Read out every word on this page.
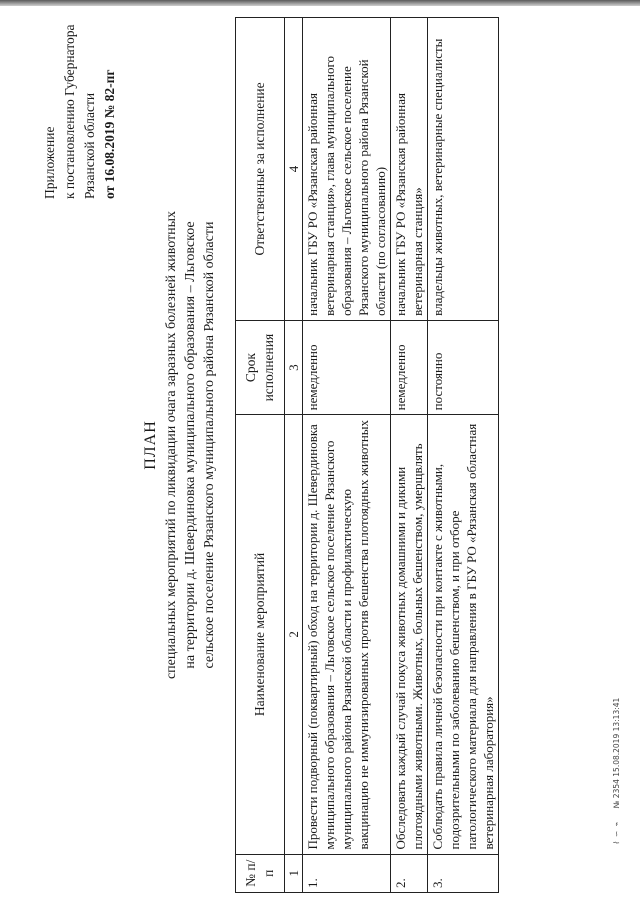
Приложение к постановлению Губернатора
Рязанской области от 16.08.2019 № 82-пг
ПЛАН специальных мероприятий по ликвидации очага заразных болезней животных на территории д. Шевердиновка муниципального образования – Льговское сельское поселение Рязанского муниципального района Рязанской области
№ п/п	Наименование мероприятий	Срок исполнения	Ответственные за исполнение
1	2	3	4
1.	Провести подворный (поквартирный) обход на территории д. Шевердиновка муниципального образования – Льговское сельское поселение Рязанского муниципального района Рязанской области и профилактическую вакцинацию не иммунизированных против бешенства плотоядных животных	немедленно	начальник ГБУ РО «Рязанская районная ветеринарная станция», глава муниципального образования – Льговское сельское поселение Рязанского муниципального района Рязанской области (по согласованию)
2.	Обследовать каждый случай покуса животных домашними и дикими плотоядными животными. Животных, больных бешенством, умерщвлять	немедленно	начальник ГБУ РО «Рязанская районная ветеринарная станция»
3.	Соблюдать правила личной безопасности при контакте с животными, подозрительными по заболеванию бешенством, и при отборе патологического материала для направления в ГБУ РО «Рязанская областная ветеринарная лаборатория»	постоянно	владельцы животных, ветеринарные специалисты
⌇ ∽ ⌁ № 2354 15.08.2019 13:13:41
